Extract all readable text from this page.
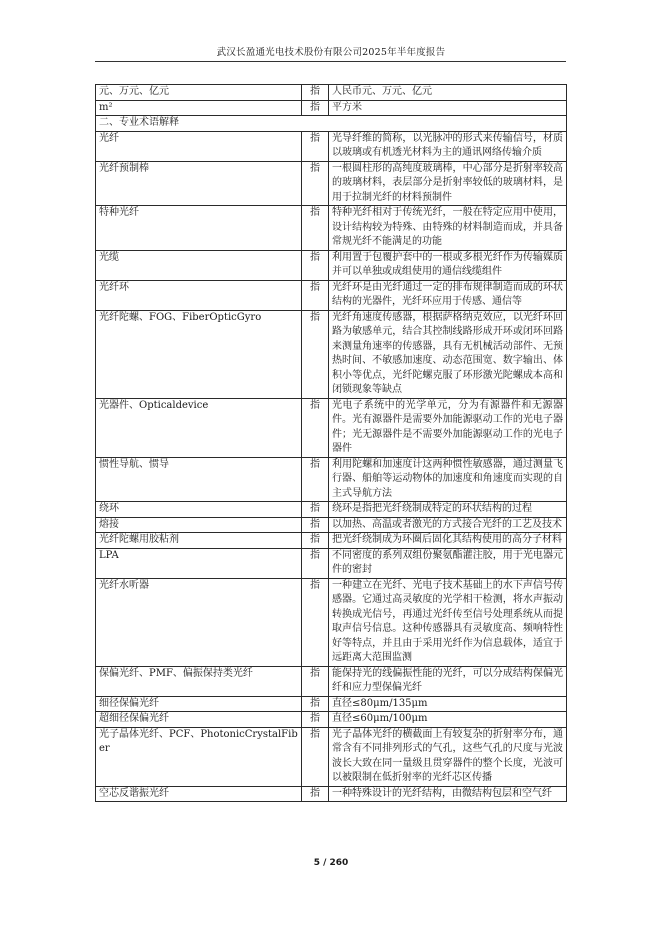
武汉长盈通光电技术股份有限公司2025年半年度报告
元、万元、亿元	指	人民币元、万元、亿元
m²	指	平方米
二、专业术语解释		
光纤	指	光导纤维的简称，以光脉冲的形式来传输信号，材质以玻璃或有机透光材料为主的通讯网络传输介质
光纤预制棒	指	一根圆柱形的高纯度玻璃棒，中心部分是折射率较高的玻璃材料，表层部分是折射率较低的玻璃材料，是用于拉制光纤的材料预制件
特种光纤	指	特种光纤相对于传统光纤，一般在特定应用中使用，设计结构较为特殊、由特殊的材料制造而成，并具备常规光纤不能满足的功能
光缆	指	利用置于包覆护套中的一根或多根光纤作为传输媒质并可以单独或成组使用的通信线缆组件
光纤环	指	光纤环是由光纤通过一定的排布规律制造而成的环状结构的光器件，光纤环应用于传感、通信等
光纤陀螺、FOG、FiberOpticGyro	指	光纤角速度传感器，根据萨格纳克效应，以光纤环回路为敏感单元，结合其控制线路形成开环或闭环回路来测量角速率的传感器，具有无机械活动部件、无预热时间、不敏感加速度、动态范围宽、数字输出、体积小等优点，光纤陀螺克服了环形激光陀螺成本高和闭锁现象等缺点
光器件、Opticaldevice	指	光电子系统中的光学单元，分为有源器件和无源器件。光有源器件是需要外加能源驱动工作的光电子器件；光无源器件是不需要外加能源驱动工作的光电子器件
惯性导航、惯导	指	利用陀螺和加速度计这两种惯性敏感器，通过测量飞行器、船舶等运动物体的加速度和角速度而实现的自主式导航方法
绕环	指	绕环是指把光纤绕制成特定的环状结构的过程
熔接	指	以加热、高温或者激光的方式接合光纤的工艺及技术
光纤陀螺用胶粘剂	指	把光纤绕制成为环圈后固化其结构使用的高分子材料
LPA	指	不同密度的系列双组份聚氨酯灌注胶，用于光电器元件的密封
光纤水听器	指	一种建立在光纤、光电子技术基础上的水下声信号传感器。它通过高灵敏度的光学相干检测，将水声振动转换成光信号，再通过光纤传至信号处理系统从而提取声信号信息。这种传感器具有灵敏度高、频响特性好等特点，并且由于采用光纤作为信息载体，适宜于远距离大范围监测
保偏光纤、PMF、偏振保持类光纤	指	能保持光的线偏振性能的光纤，可以分成结构保偏光纤和应力型保偏光纤
细径保偏光纤	指	直径≤80μm/135μm
超细径保偏光纤	指	直径≤60μm/100μm
光子晶体光纤、PCF、PhotonicCrystalFiber	指	光子晶体光纤的横截面上有较复杂的折射率分布，通常含有不同排列形式的气孔，这些气孔的尺度与光波波长大致在同一量级且贯穿器件的整个长度，光波可以被限制在低折射率的光纤芯区传播
空芯反谐振光纤	指	一种特殊设计的光纤结构，由微结构包层和空气纤
5 / 260
